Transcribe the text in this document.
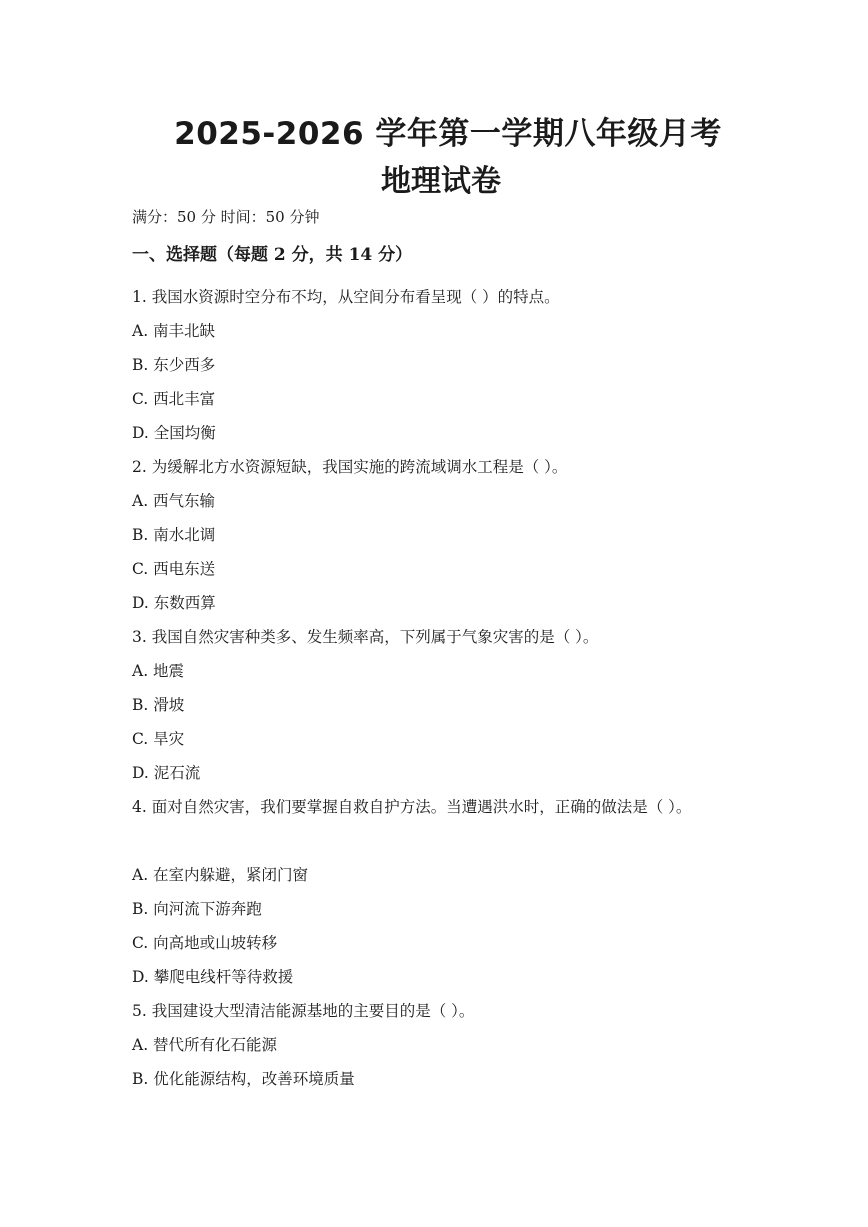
2025-2026 学年第一学期八年级月考
地理试卷

满分：50 分 时间：50 分钟

一、选择题（每题 2 分，共 14 分）

1. 我国水资源时空分布不均，从空间分布看呈现（ ）的特点。
A. 南丰北缺
B. 东少西多
C. 西北丰富
D. 全国均衡
2. 为缓解北方水资源短缺，我国实施的跨流域调水工程是（ ）。
A. 西气东输
B. 南水北调
C. 西电东送
D. 东数西算
3. 我国自然灾害种类多、发生频率高，下列属于气象灾害的是（ ）。
A. 地震
B. 滑坡
C. 旱灾
D. 泥石流
4. 面对自然灾害，我们要掌握自救自护方法。当遭遇洪水时，正确的做法是（ ）。
A. 在室内躲避，紧闭门窗
B. 向河流下游奔跑
C. 向高地或山坡转移
D. 攀爬电线杆等待救援
5. 我国建设大型清洁能源基地的主要目的是（ ）。
A. 替代所有化石能源
B. 优化能源结构，改善环境质量
